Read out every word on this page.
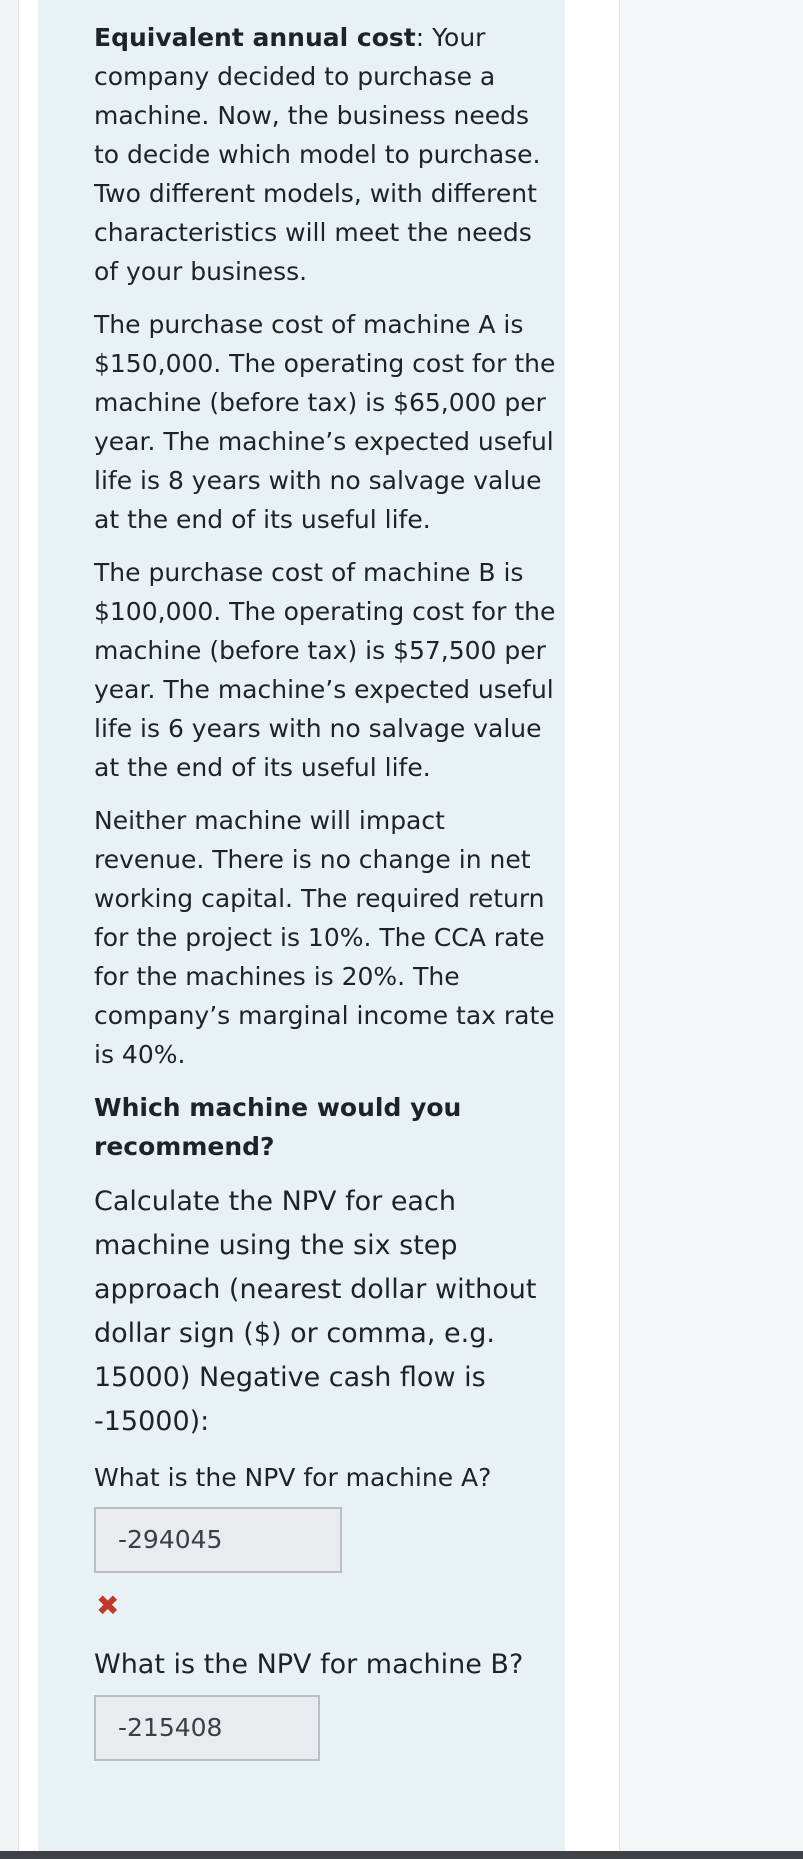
Equivalent annual cost: Your company decided to purchase a machine. Now, the business needs to decide which model to purchase. Two different models, with different characteristics will meet the needs of your business.

The purchase cost of machine A is $150,000. The operating cost for the machine (before tax) is $65,000 per year. The machine’s expected useful life is 8 years with no salvage value at the end of its useful life.

The purchase cost of machine B is $100,000. The operating cost for the machine (before tax) is $57,500 per year. The machine’s expected useful life is 6 years with no salvage value at the end of its useful life.

Neither machine will impact revenue. There is no change in net working capital. The required return for the project is 10%. The CCA rate for the machines is 20%. The company’s marginal income tax rate is 40%.

Which machine would you recommend?

Calculate the NPV for each machine using the six step approach (nearest dollar without dollar sign ($) or comma, e.g. 15000) Negative cash flow is -15000):

What is the NPV for machine A?

-294045
✖

What is the NPV for machine B?

-215408
